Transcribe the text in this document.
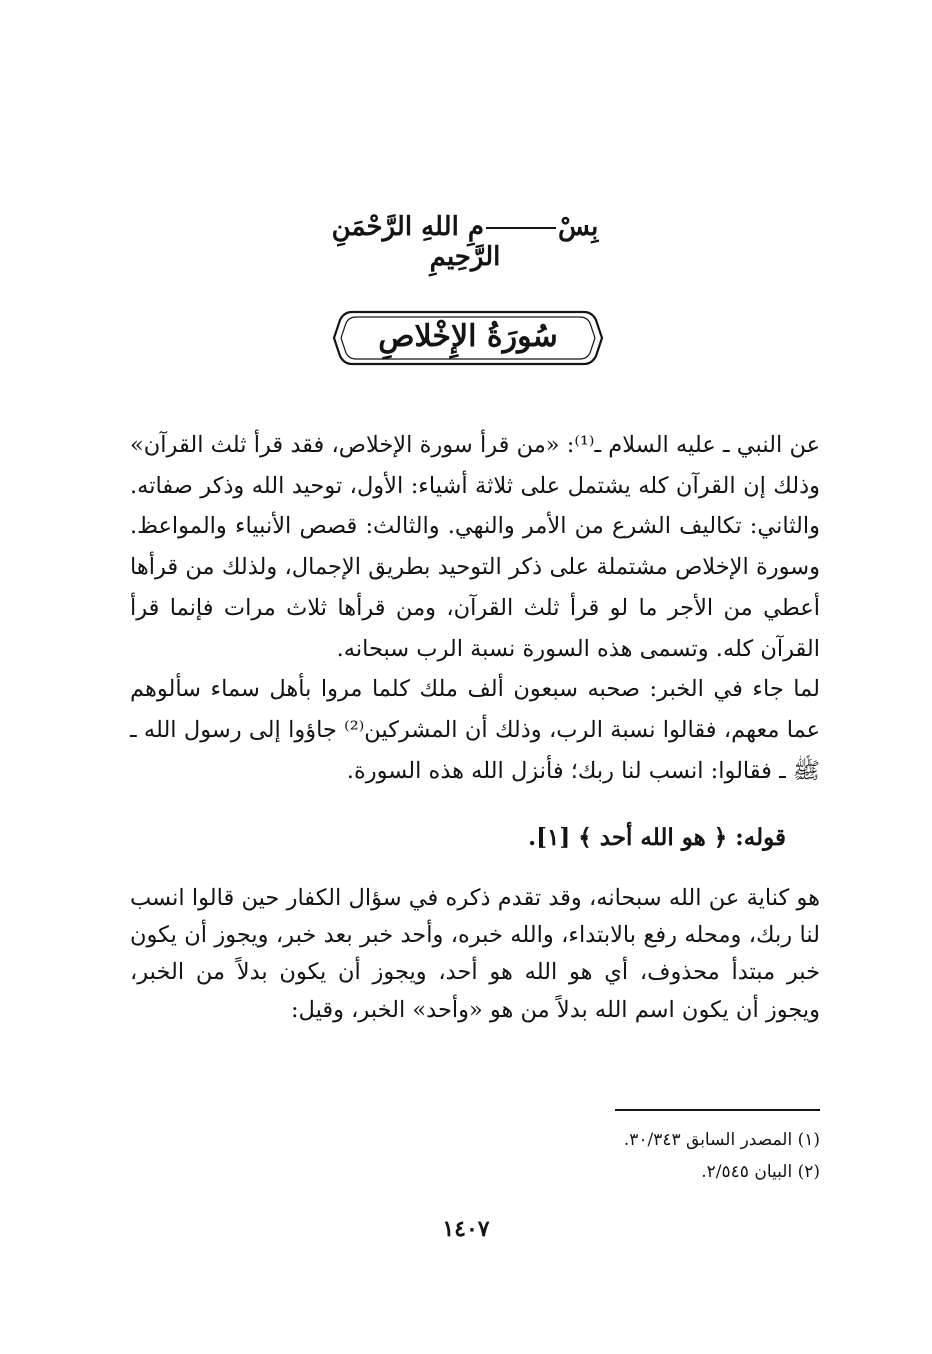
بِسْمِ اللهِ الرَّحْمَنِ الرَّحِيمِ
سُورَةُ الإِخْلاصِ

عن النبي ـ عليه السلام ـ⁽¹⁾: «من قرأ سورة الإخلاص، فقد قرأ ثلث القرآن» وذلك إن القرآن كله يشتمل على ثلاثة أشياء: الأول، توحيد الله وذكر صفاته. والثاني: تكاليف الشرع من الأمر والنهي. والثالث: قصص الأنبياء والمواعظ. وسورة الإخلاص مشتملة على ذكر التوحيد بطريق الإجمال، ولذلك من قرأها أعطي من الأجر ما لو قرأ ثلث القرآن، ومن قرأها ثلاث مرات فإنما قرأ القرآن كله. وتسمى هذه السورة نسبة الرب سبحانه.

لما جاء في الخبر: صحبه سبعون ألف ملك كلما مروا بأهل سماء سألوهم عما معهم، فقالوا نسبة الرب، وذلك أن المشركين⁽²⁾ جاؤوا إلى رسول الله ـ ﷺ ـ فقالوا: انسب لنا ربك؛ فأنزل الله هذه السورة.

قوله: ﴿ هو الله أحد ﴾ [١].

هو كناية عن الله سبحانه، وقد تقدم ذكره في سؤال الكفار حين قالوا انسب لنا ربك، ومحله رفع بالابتداء، والله خبره، وأحد خبر بعد خبر، ويجوز أن يكون خبر مبتدأ محذوف، أي هو الله هو أحد، ويجوز أن يكون بدلاً من الخبر، ويجوز أن يكون اسم الله بدلاً من هو «وأحد» الخبر، وقيل:

(١) المصدر السابق ٣٠/٣٤٣.
(٢) البيان ٢/٥٤٥.
١٤٠٧
